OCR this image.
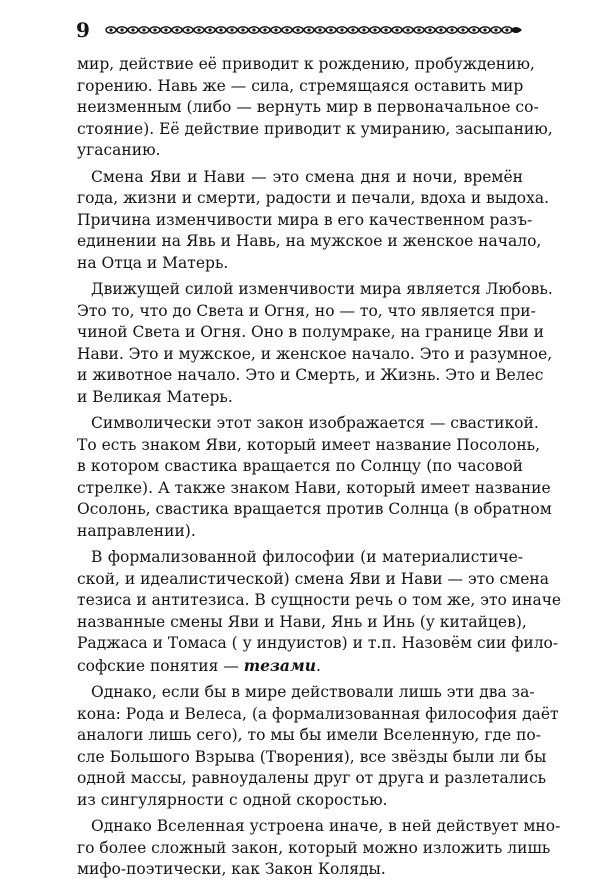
9

мир, действие её приводит к рождению, пробуждению,
горению. Навь же — сила, стремящаяся оставить мир
неизменным (либо — вернуть мир в первоначальное со-
стояние). Её действие приводит к умиранию, засыпанию,
угасанию.

Смена Яви и Нави — это смена дня и ночи, времён
года, жизни и смерти, радости и печали, вдоха и выдоха.
Причина изменчивости мира в его качественном разъ-
единении на Явь и Навь, на мужское и женское начало,
на Отца и Матерь.

Движущей силой изменчивости мира является Любовь.
Это то, что до Света и Огня, но — то, что является при-
чиной Света и Огня. Оно в полумраке, на границе Яви и
Нави. Это и мужское, и женское начало. Это и разумное,
и животное начало. Это и Смерть, и Жизнь. Это и Велес
и Великая Матерь.

Символически этот закон изображается — свастикой.
То есть знаком Яви, который имеет название Посолонь,
в котором свастика вращается по Солнцу (по часовой
стрелке). А также знаком Нави, который имеет название
Осолонь, свастика вращается против Солнца (в обратном
направлении).

В формализованной философии (и материалистиче-
ской, и идеалистической) смена Яви и Нави — это смена
тезиса и антитезиса. В сущности речь о том же, это иначе
названные смены Яви и Нави, Янь и Инь (у китайцев),
Раджаса и Томаса ( у индуистов) и т.п. Назовём сии фило-
софские понятия — тезами.

Однако, если бы в мире действовали лишь эти два за-
кона: Рода и Велеса, (а формализованная философия даёт
аналоги лишь сего), то мы бы имели Вселенную, где по-
сле Большого Взрыва (Творения), все звёзды были ли бы
одной массы, равноудалены друг от друга и разлетались
из сингулярности с одной скоростью.

Однако Вселенная устроена иначе, в ней действует мно-
го более сложный закон, который можно изложить лишь
мифо-поэтически, как Закон Коляды.
